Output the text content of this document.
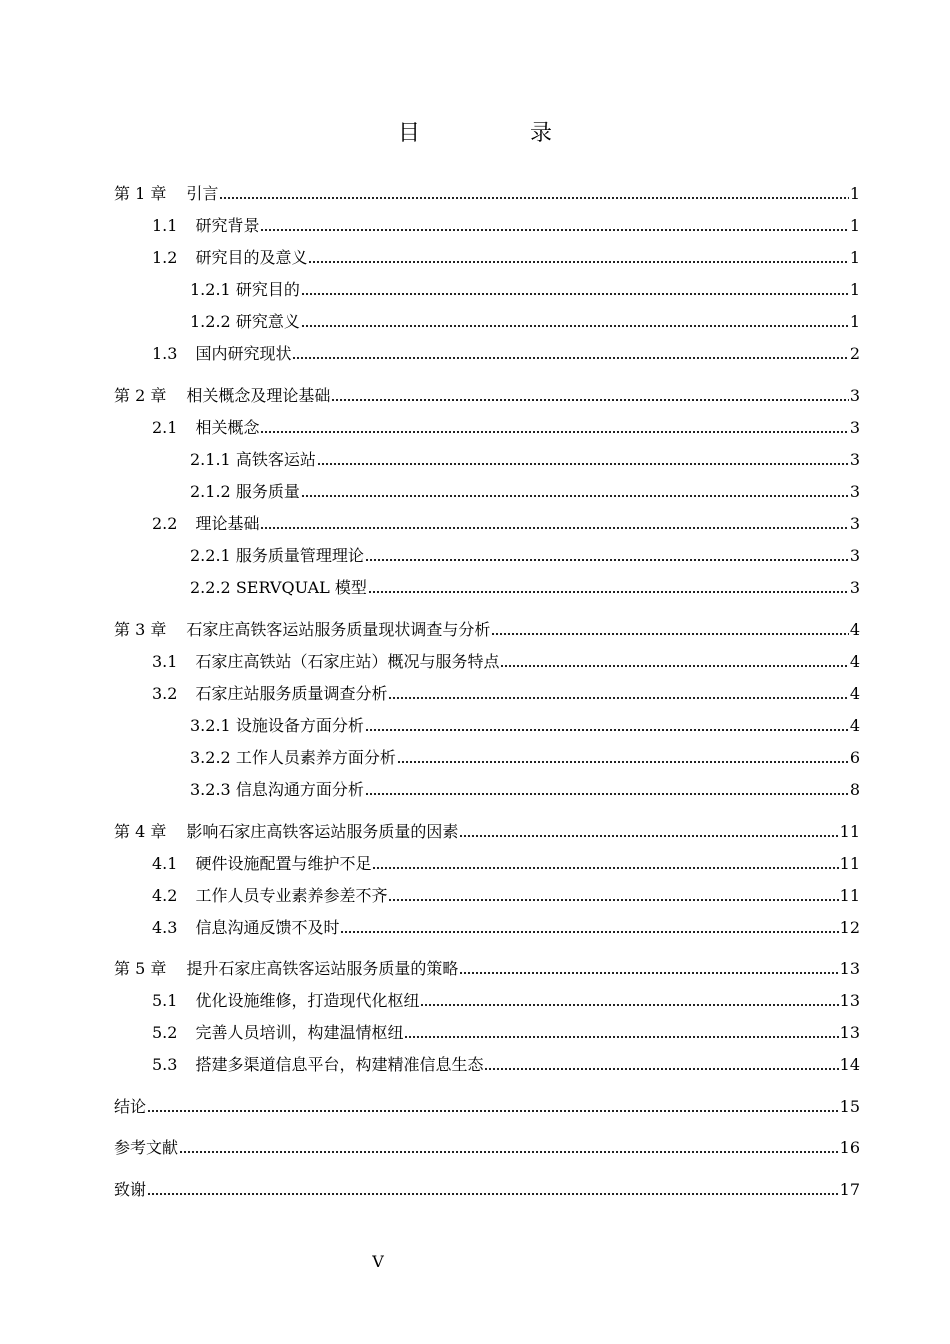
目　录
第 1 章 引言	1
1.1 研究背景	1
1.2 研究目的及意义	1
1.2.1 研究目的	1
1.2.2 研究意义	1
1.3 国内研究现状	2
第 2 章 相关概念及理论基础	3
2.1 相关概念	3
2.1.1 高铁客运站	3
2.1.2 服务质量	3
2.2 理论基础	3
2.2.1 服务质量管理理论	3
2.2.2 SERVQUAL 模型	3
第 3 章 石家庄高铁客运站服务质量现状调查与分析	4
3.1 石家庄高铁站（石家庄站）概况与服务特点	4
3.2 石家庄站服务质量调查分析	4
3.2.1 设施设备方面分析	4
3.2.2 工作人员素养方面分析	6
3.2.3 信息沟通方面分析	8
第 4 章 影响石家庄高铁客运站服务质量的因素	11
4.1 硬件设施配置与维护不足	11
4.2 工作人员专业素养参差不齐	11
4.3 信息沟通反馈不及时	12
第 5 章 提升石家庄高铁客运站服务质量的策略	13
5.1 优化设施维修，打造现代化枢纽	13
5.2 完善人员培训，构建温情枢纽	13
5.3 搭建多渠道信息平台，构建精准信息生态	14
结论	15
参考文献	16
致谢	17
V
